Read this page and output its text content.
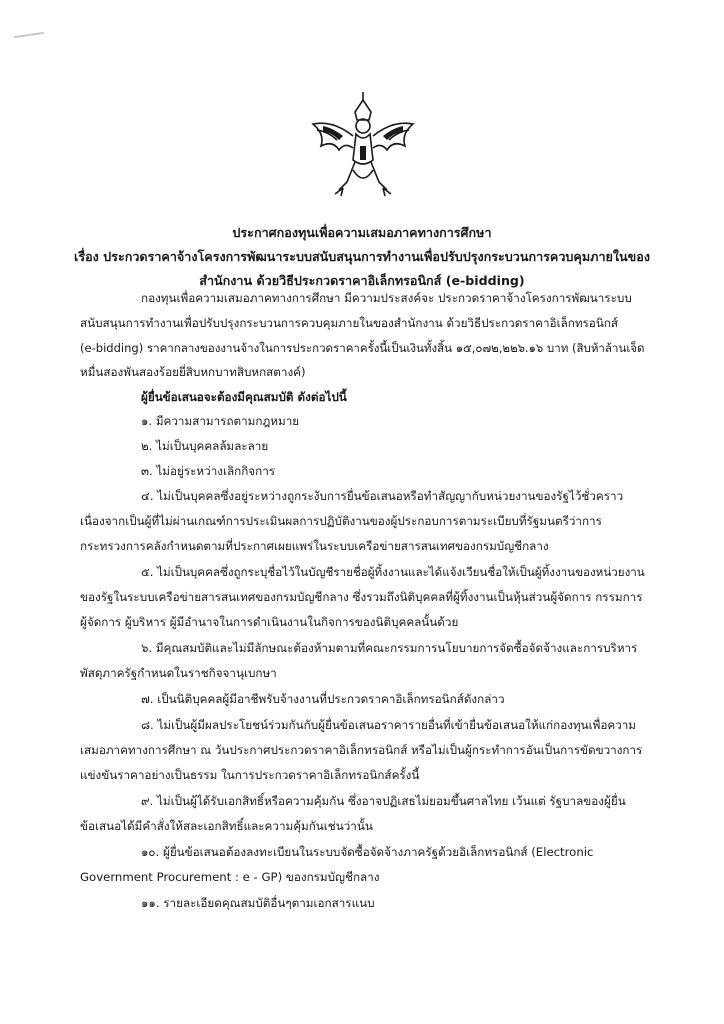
ประกาศกองทุนเพื่อความเสมอภาคทางการศึกษา
เรื่อง ประกวดราคาจ้างโครงการพัฒนาระบบสนับสนุนการทำงานเพื่อปรับปรุงกระบวนการควบคุมภายในของ
สำนักงาน ด้วยวิธีประกวดราคาอิเล็กทรอนิกส์ (e-bidding)
กองทุนเพื่อความเสมอภาคทางการศึกษา มีความประสงค์จะ ประกวดราคาจ้างโครงการพัฒนาระบบ
สนับสนุนการทำงานเพื่อปรับปรุงกระบวนการควบคุมภายในของสำนักงาน ด้วยวิธีประกวดราคาอิเล็กทรอนิกส์
(e-bidding) ราคากลางของงานจ้างในการประกวดราคาครั้งนี้เป็นเงินทั้งสิ้น ๑๕,๐๗๒,๒๒๖.๑๖ บาท (สิบห้าล้านเจ็ด
หมื่นสองพันสองร้อยยี่สิบหกบาทสิบหกสตางค์)
ผู้ยื่นข้อเสนอจะต้องมีคุณสมบัติ ดังต่อไปนี้
๑. มีความสามารถตามกฎหมาย
๒. ไม่เป็นบุคคลล้มละลาย
๓. ไม่อยู่ระหว่างเลิกกิจการ
๔. ไม่เป็นบุคคลซึ่งอยู่ระหว่างถูกระงับการยื่นข้อเสนอหรือทำสัญญากับหน่วยงานของรัฐไว้ชั่วคราว
เนื่องจากเป็นผู้ที่ไม่ผ่านเกณฑ์การประเมินผลการปฏิบัติงานของผู้ประกอบการตามระเบียบที่รัฐมนตรีว่าการ
กระทรวงการคลังกำหนดตามที่ประกาศเผยแพร่ในระบบเครือข่ายสารสนเทศของกรมบัญชีกลาง
๕. ไม่เป็นบุคคลซึ่งถูกระบุชื่อไว้ในบัญชีรายชื่อผู้ทิ้งงานและได้แจ้งเวียนชื่อให้เป็นผู้ทิ้งงานของหน่วยงาน
ของรัฐในระบบเครือข่ายสารสนเทศของกรมบัญชีกลาง ซึ่งรวมถึงนิติบุคคลที่ผู้ทิ้งงานเป็นหุ้นส่วนผู้จัดการ กรรมการ
ผู้จัดการ ผู้บริหาร ผู้มีอำนาจในการดำเนินงานในกิจการของนิติบุคคลนั้นด้วย
๖. มีคุณสมบัติและไม่มีลักษณะต้องห้ามตามที่คณะกรรมการนโยบายการจัดซื้อจัดจ้างและการบริหาร
พัสดุภาครัฐกำหนดในราชกิจจานุเบกษา
๗. เป็นนิติบุคคลผู้มีอาชีพรับจ้างงานที่ประกวดราคาอิเล็กทรอนิกส์ดังกล่าว
๘. ไม่เป็นผู้มีผลประโยชน์ร่วมกันกับผู้ยื่นข้อเสนอราคารายอื่นที่เข้ายื่นข้อเสนอให้แก่กองทุนเพื่อความ
เสมอภาคทางการศึกษา ณ วันประกาศประกวดราคาอิเล็กทรอนิกส์ หรือไม่เป็นผู้กระทำการอันเป็นการขัดขวางการ
แข่งขันราคาอย่างเป็นธรรม ในการประกวดราคาอิเล็กทรอนิกส์ครั้งนี้
๙. ไม่เป็นผู้ได้รับเอกสิทธิ์หรือความคุ้มกัน ซึ่งอาจปฏิเสธไม่ยอมขึ้นศาลไทย เว้นแต่ รัฐบาลของผู้ยื่น
ข้อเสนอได้มีคำสั่งให้สละเอกสิทธิ์และความคุ้มกันเช่นว่านั้น
๑๐. ผู้ยื่นข้อเสนอต้องลงทะเบียนในระบบจัดซื้อจัดจ้างภาครัฐด้วยอิเล็กทรอนิกส์ (Electronic
Government Procurement : e - GP) ของกรมบัญชีกลาง
๑๑. รายละเอียดคุณสมบัติอื่นๆตามเอกสารแนบ
